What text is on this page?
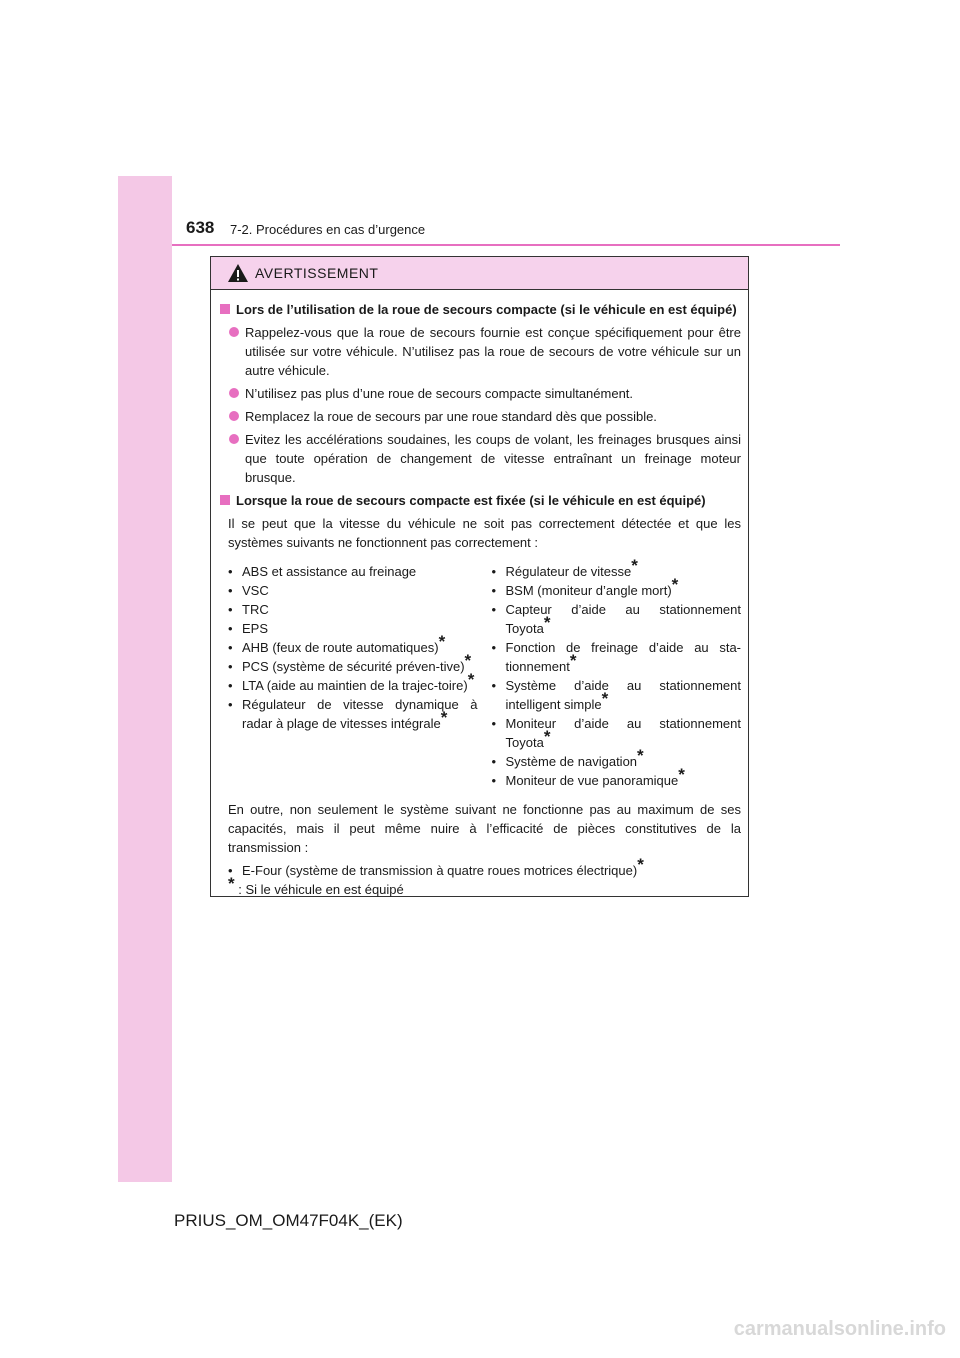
638 7-2. Procédures en cas d’urgence
AVERTISSEMENT
Lors de l’utilisation de la roue de secours compacte (si le véhicule en est équipé)
Rappelez-vous que la roue de secours fournie est conçue spécifiquement pour être utilisée sur votre véhicule. N’utilisez pas la roue de secours de votre véhicule sur un autre véhicule.
N’utilisez pas plus d’une roue de secours compacte simultanément.
Remplacez la roue de secours par une roue standard dès que possible.
Evitez les accélérations soudaines, les coups de volant, les freinages brusques ainsi que toute opération de changement de vitesse entraînant un freinage moteur brusque.
Lorsque la roue de secours compacte est fixée (si le véhicule en est équipé)
Il se peut que la vitesse du véhicule ne soit pas correctement détectée et que les systèmes suivants ne fonctionnent pas correctement :
• ABS et assistance au freinage
• VSC
• TRC
• EPS
• AHB (feux de route automatiques)*
• PCS (système de sécurité préven-tive)*
• LTA (aide au maintien de la trajec-toire)*
• Régulateur de vitesse dynamique à radar à plage de vitesses intégrale*
• Régulateur de vitesse*
• BSM (moniteur d’angle mort)*
• Capteur d’aide au stationnement Toyota*
• Fonction de freinage d’aide au sta-tionnement*
• Système d’aide au stationnement intelligent simple*
• Moniteur d’aide au stationnement Toyota*
• Système de navigation*
• Moniteur de vue panoramique*
En outre, non seulement le système suivant ne fonctionne pas au maximum de ses capacités, mais il peut même nuire à l’efficacité de pièces constitutives de la transmission :
• E-Four (système de transmission à quatre roues motrices électrique)*
* : Si le véhicule en est équipé
PRIUS_OM_OM47F04K_(EK)
carmanualsonline.info
